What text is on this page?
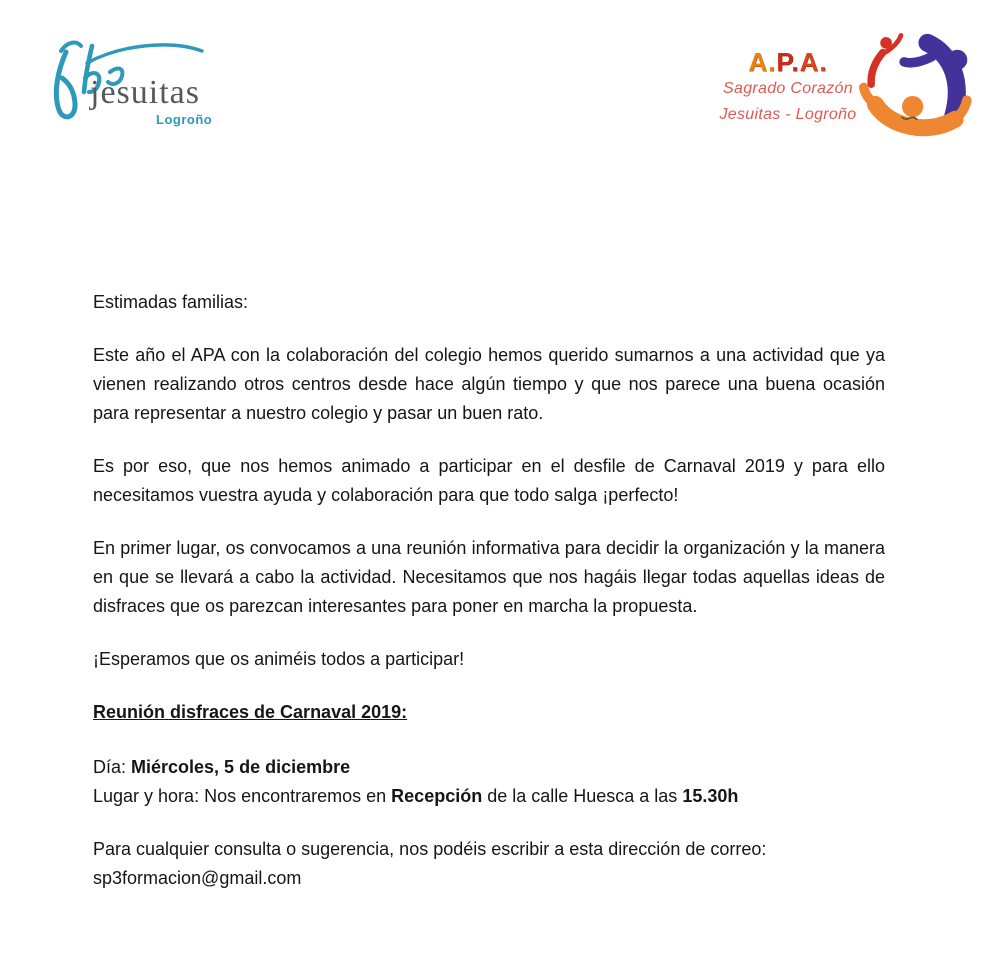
jesuitas
Logroño
A.P.A.
Sagrado Corazón
Jesuitas - Logroño

Estimadas familias:

Este año el APA con la colaboración del colegio hemos querido sumarnos a una actividad que ya vienen realizando otros centros desde hace algún tiempo y que nos parece una buena ocasión para representar a nuestro colegio y pasar un buen rato.

Es por eso, que nos hemos animado a participar en el desfile de Carnaval 2019 y para ello necesitamos vuestra ayuda y colaboración para que todo salga ¡perfecto!

En primer lugar, os convocamos a una reunión informativa para decidir la organización y la manera en que se llevará a cabo la actividad. Necesitamos que nos hagáis llegar todas aquellas ideas de disfraces que os parezcan interesantes para poner en marcha la propuesta.

¡Esperamos que os animéis todos a participar!

Reunión disfraces de Carnaval 2019:

Día: Miércoles, 5 de diciembre

Lugar y hora: Nos encontraremos en Recepción de la calle Huesca a las 15.30h

Para cualquier consulta o sugerencia, nos podéis escribir a esta dirección de correo:
sp3formacion@gmail.com
